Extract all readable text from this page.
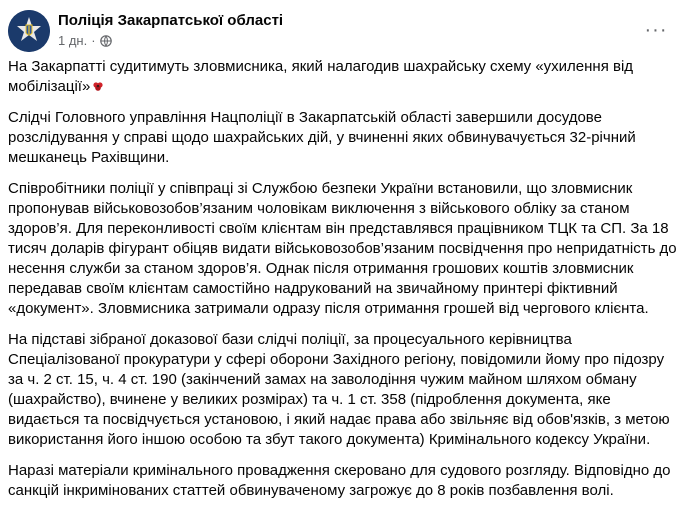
Поліція Закарпатської області
1 дн. ·	···

На Закарпатті судитимуть зловмисника, який налагодив шахрайську схему «ухилення від мобілізації»

Слідчі Головного управління Нацполіції в Закарпатській області завершили досудове розслідування у справі щодо шахрайських дій, у вчиненні яких обвинувачується 32-річний мешканець Рахівщини.

Співробітники поліції у співпраці зі Службою безпеки України встановили, що зловмисник пропонував військовозобов’язаним чоловікам виключення з військового обліку за станом здоров’я. Для переконливості своїм клієнтам він представлявся працівником ТЦК та СП. За 18 тисяч доларів фігурант обіцяв видати військовозобов’язаним посвідчення про непридатність до несення служби за станом здоров’я. Однак після отримання грошових коштів зловмисник передавав своїм клієнтам самостійно надрукований на звичайному принтері фіктивний «документ». Зловмисника затримали одразу після отримання грошей від чергового клієнта.

На підставі зібраної доказової бази слідчі поліції, за процесуального керівництва Спеціалізованої прокуратури у сфері оборони Західного регіону, повідомили йому про підозру за ч. 2 ст. 15, ч. 4 ст. 190 (закінчений замах на заволодіння чужим майном шляхом обману (шахрайство), вчинене у великих розмірах) та ч. 1 ст. 358 (підроблення документа, яке видається та посвідчується установою, і який надає права або звільняє від обов'язків, з метою використання його іншою особою та збут такого документа) Кримінального кодексу України.

Наразі матеріали кримінального провадження скеровано для судового розгляду. Відповідно до санкцій інкримінованих статтей обвинуваченому загрожує до 8 років позбавлення волі.
